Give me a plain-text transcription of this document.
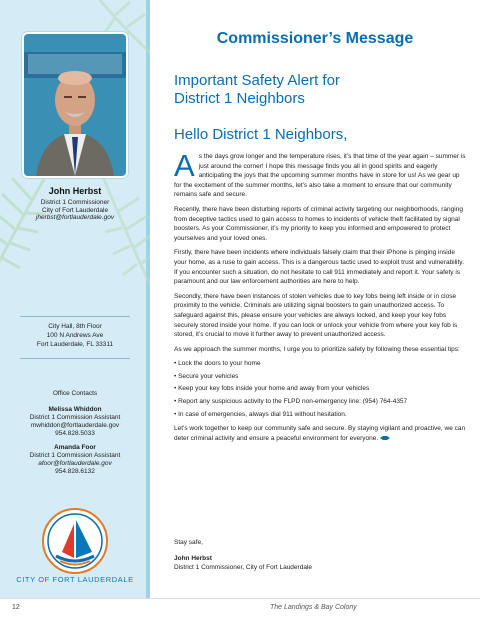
John Herbst
District 1 Commissioner
City of Fort Lauderdale
jherbst@fortlauderdale.gov
City Hall, 8th Floor
100 N Andrews Ave
Fort Lauderdale, FL 33311
Office Contacts
Melissa Whiddon
District 1 Commission Assistant
mwhiddon@fortlauderdale.gov
954.828.5033
Amanda Foor
District 1 Commission Assistant
afoor@fortlauderdale.gov
954.828.6132
CITY OF FORT LAUDERDALE
Commissioner’s Message
Important Safety Alert for
District 1 Neighbors
Hello District 1 Neighbors,

As the days grow longer and the temperature rises, it’s that time of the year again – summer is just around the corner! I hope this message finds you all in good spirits and eagerly anticipating the joys that the upcoming summer months have in store for us! As we gear up for the excitement of the summer months, let’s also take a moment to ensure that our community remains safe and secure.

Recently, there have been disturbing reports of criminal activity targeting our neighborhoods, ranging from deceptive tactics used to gain access to homes to incidents of vehicle theft facilitated by signal boosters. As your Commissioner, it’s my priority to keep you informed and empowered to protect yourselves and your loved ones.

Firstly, there have been incidents where individuals falsely claim that their iPhone is pinging inside your home, as a ruse to gain access. This is a dangerous tactic used to exploit trust and vulnerability. If you encounter such a situation, do not hesitate to call 911 immediately and report it. Your safety is paramount and our law enforcement authorities are here to help.

Secondly, there have been instances of stolen vehicles due to key fobs being left inside or in close proximity to the vehicle. Criminals are utilizing signal boosters to gain unauthorized access. To safeguard against this, please ensure your vehicles are always locked, and keep your key fobs securely stored inside your home. If you can lock or unlock your vehicle from where your key fob is stored, it’s crucial to move it further away to prevent unauthorized access.

As we approach the summer months, I urge you to prioritize safety by following these essential tips:

• Lock the doors to your home
• Secure your vehicles
• Keep your key fobs inside your home and away from your vehicles
• Report any suspicious activity to the FLPD non-emergency line: (954) 764-4357
• In case of emergencies, always dial 911 without hesitation.

Let’s work together to keep our community safe and secure. By staying vigilant and proactive, we can deter criminal activity and ensure a peaceful environment for everyone.

Stay safe,
John Herbst
District 1 Commissioner, City of Fort Lauderdale
12	The Landings & Bay Colony
